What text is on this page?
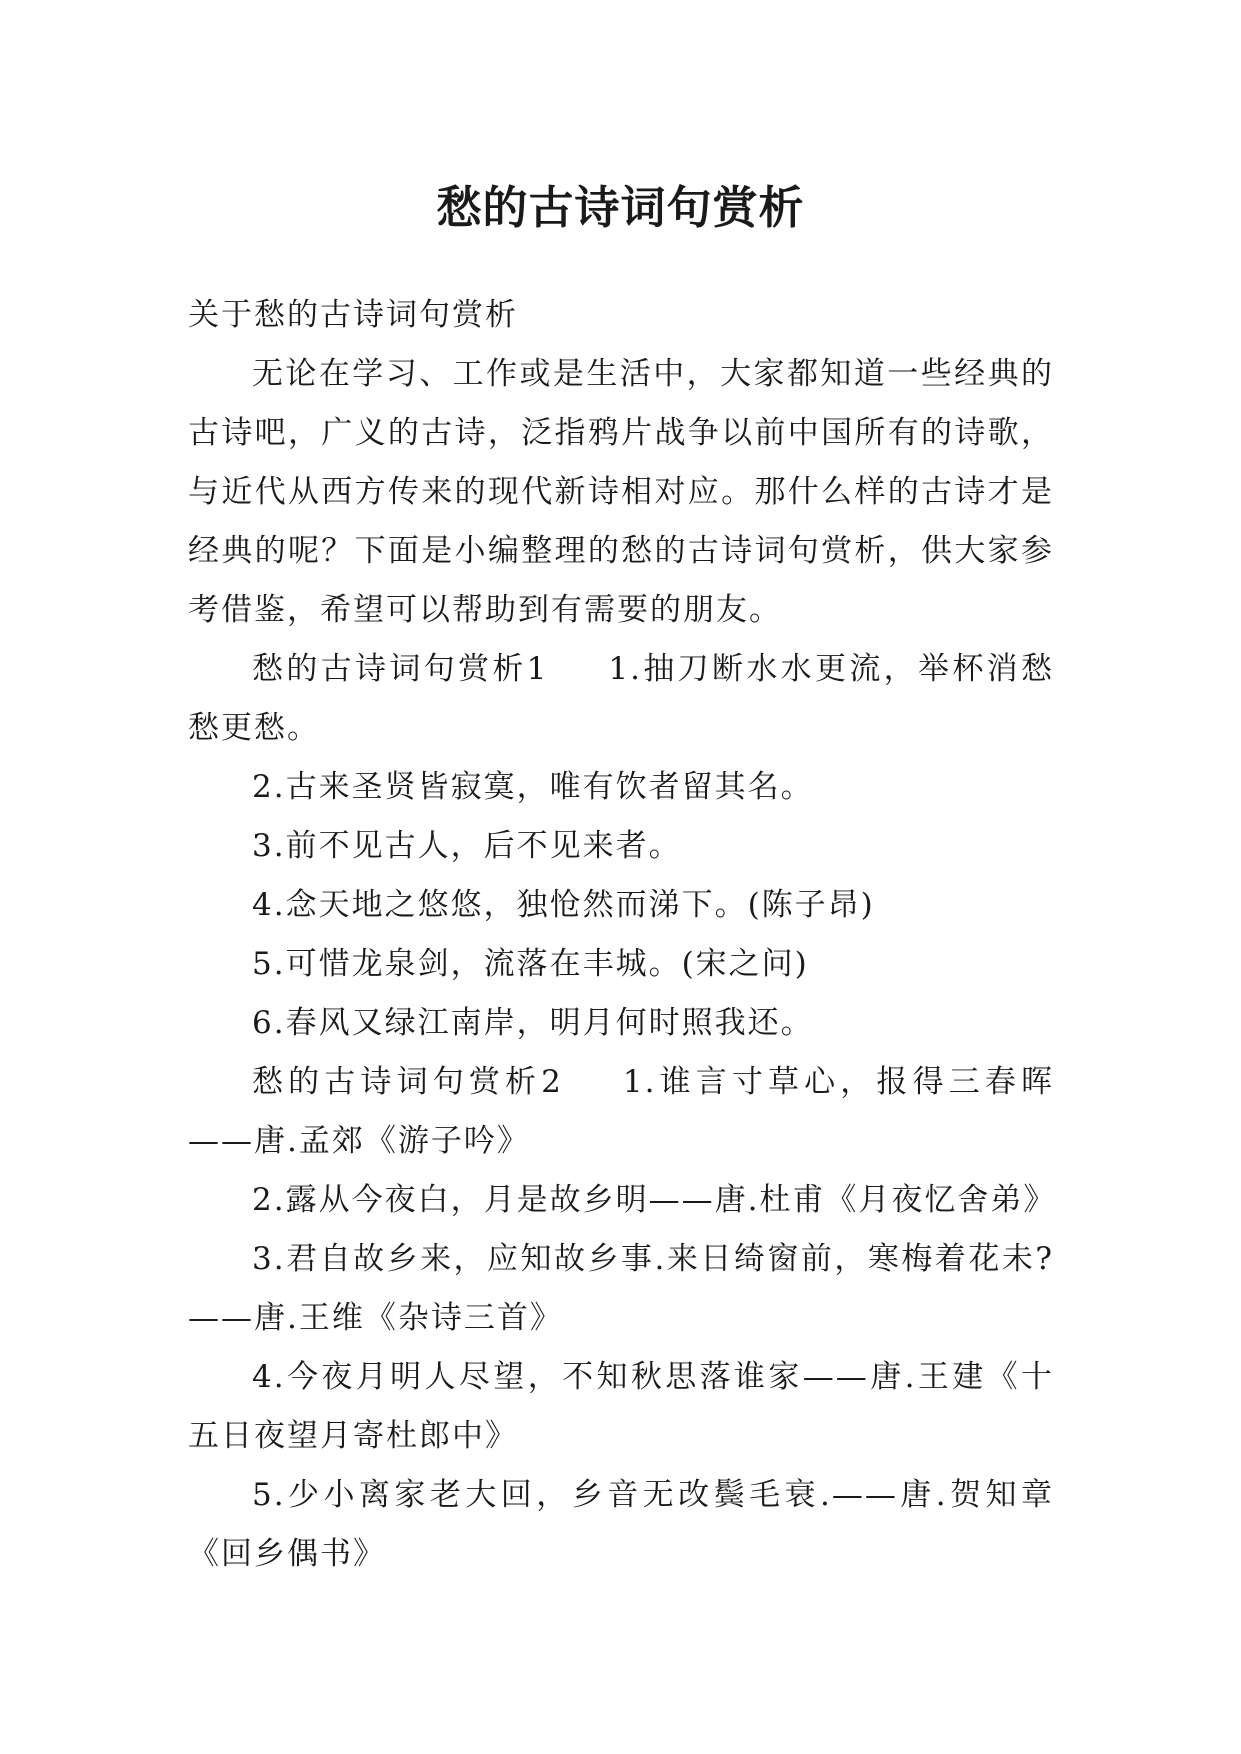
愁的古诗词句赏析

关于愁的古诗词句赏析

无论在学习、工作或是生活中，大家都知道一些经典的古诗吧，广义的古诗，泛指鸦片战争以前中国所有的诗歌，与近代从西方传来的现代新诗相对应。那什么样的古诗才是经典的呢？下面是小编整理的愁的古诗词句赏析，供大家参考借鉴，希望可以帮助到有需要的朋友。

愁的古诗词句赏析1 1.抽刀断水水更流，举杯消愁愁更愁。

2.古来圣贤皆寂寞，唯有饮者留其名。

3.前不见古人，后不见来者。

4.念天地之悠悠，独怆然而涕下。(陈子昂)

5.可惜龙泉剑，流落在丰城。(宋之问)

6.春风又绿江南岸，明月何时照我还。

愁的古诗词句赏析2 1.谁言寸草心，报得三春晖——唐.孟郊《游子吟》

2.露从今夜白，月是故乡明——唐.杜甫《月夜忆舍弟》

3.君自故乡来，应知故乡事.来日绮窗前，寒梅着花未?——唐.王维《杂诗三首》

4.今夜月明人尽望，不知秋思落谁家——唐.王建《十五日夜望月寄杜郎中》

5.少小离家老大回，乡音无改鬓毛衰.——唐.贺知章《回乡偶书》
